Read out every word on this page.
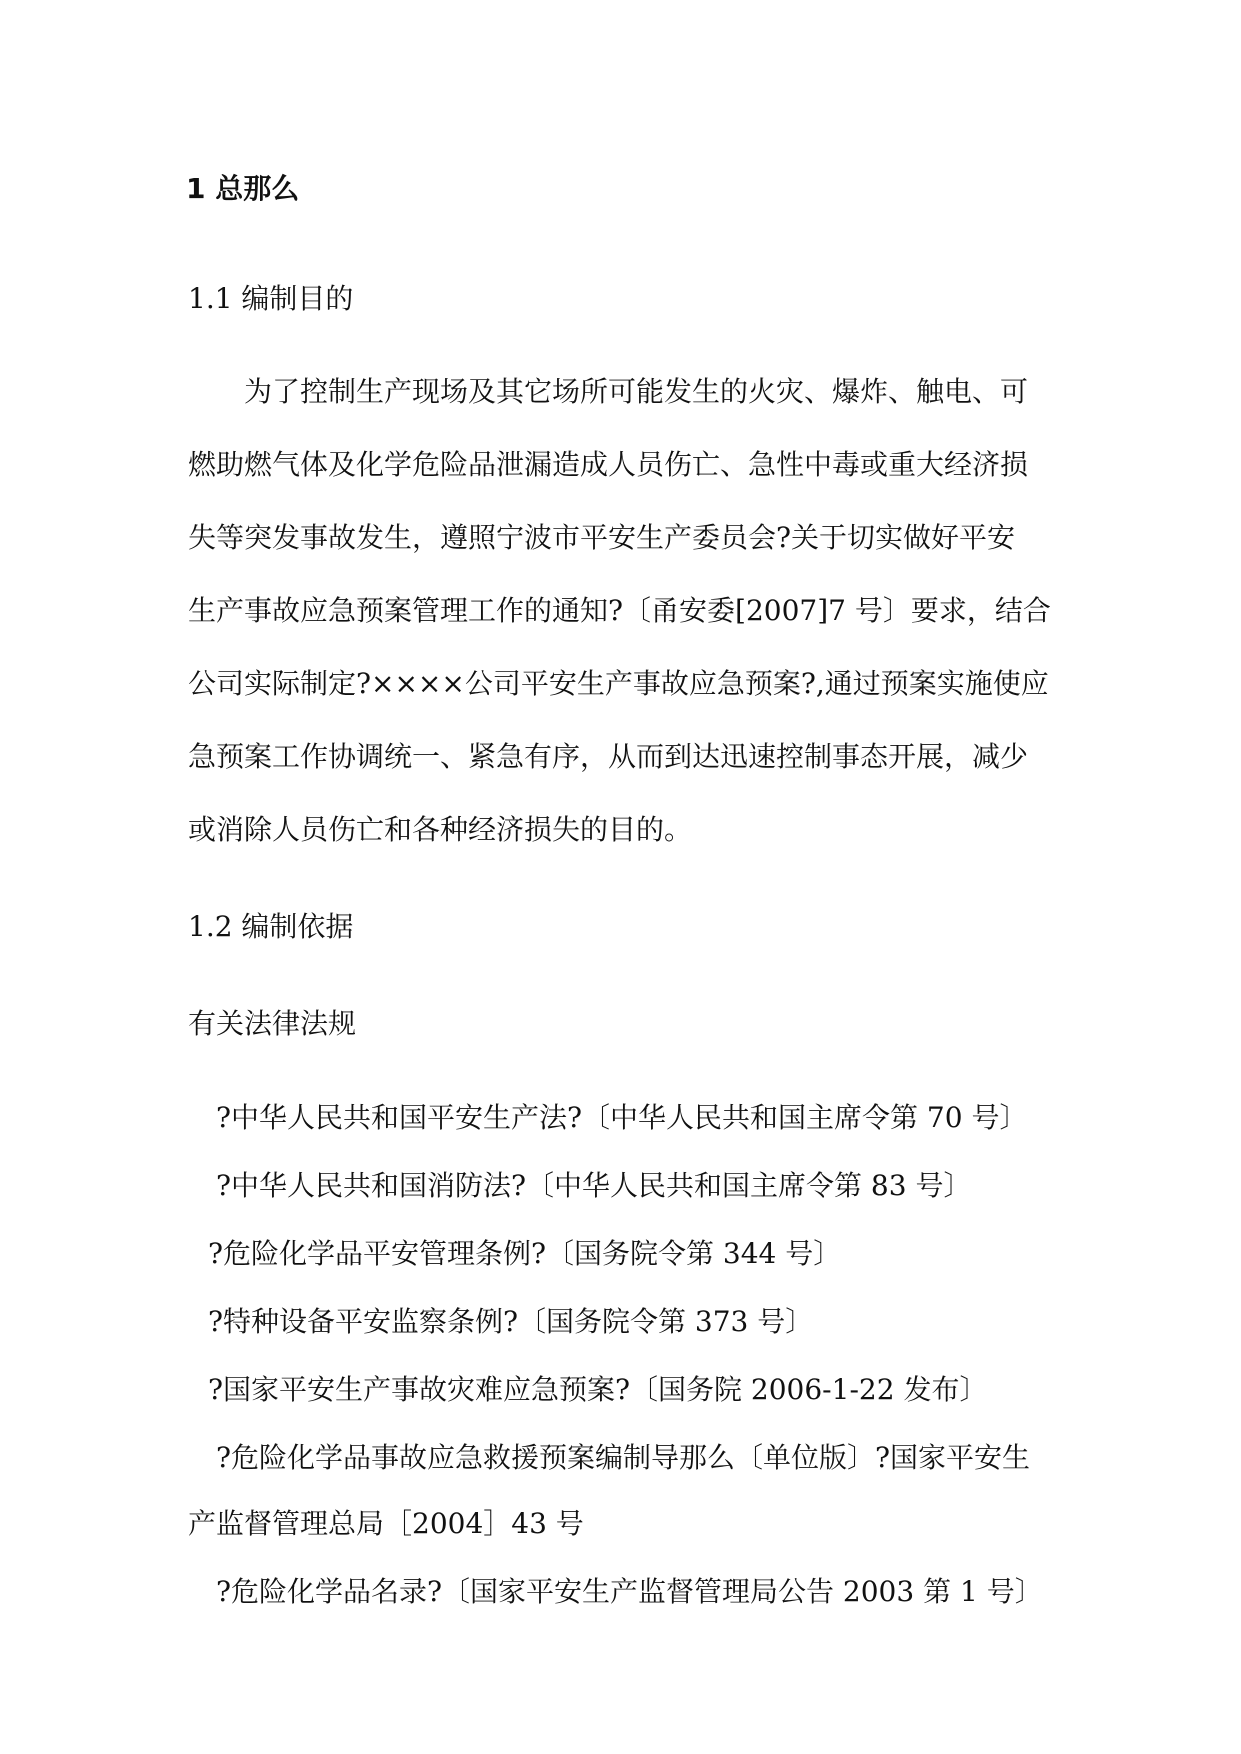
1 总那么
1.1 编制目的
为了控制生产现场及其它场所可能发生的火灾、爆炸、触电、可
燃助燃气体及化学危险品泄漏造成人员伤亡、急性中毒或重大经济损
失等突发事故发生，遵照宁波市平安生产委员会?关于切实做好平安
生产事故应急预案管理工作的通知?〔甬安委[2007]7 号〕要求，结合
公司实际制定?××××公司平安生产事故应急预案?,通过预案实施使应
急预案工作协调统一、紧急有序，从而到达迅速控制事态开展，减少
或消除人员伤亡和各种经济损失的目的。
1.2 编制依据
有关法律法规
?中华人民共和国平安生产法?〔中华人民共和国主席令第 70 号〕
?中华人民共和国消防法?〔中华人民共和国主席令第 83 号〕
?危险化学品平安管理条例?〔国务院令第 344 号〕
?特种设备平安监察条例?〔国务院令第 373 号〕
?国家平安生产事故灾难应急预案?〔国务院 2006-1-22 发布〕
?危险化学品事故应急救援预案编制导那么〔单位版〕?国家平安生
产监督管理总局［2004］43 号
?危险化学品名录?〔国家平安生产监督管理局公告 2003 第 1 号〕
